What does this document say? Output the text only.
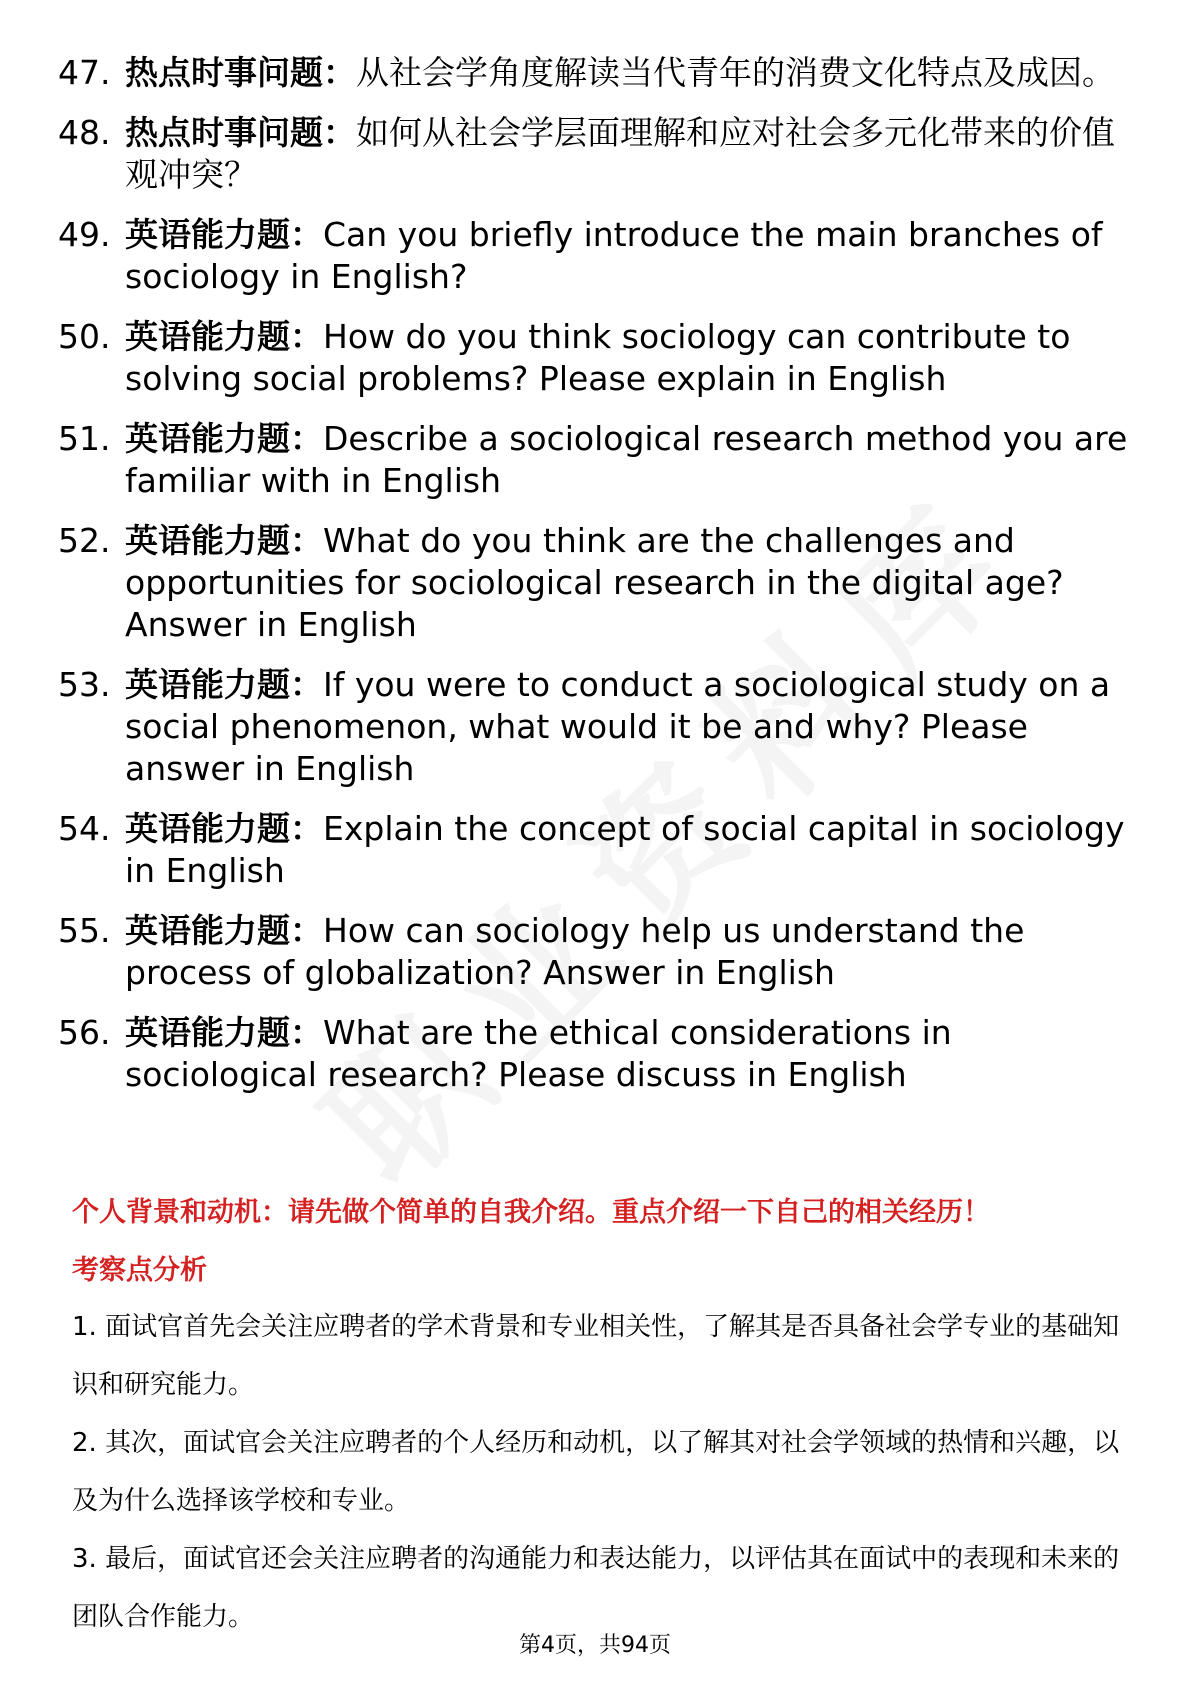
47. 热点时事问题：从社会学角度解读当代青年的消费文化特点及成因。
48. 热点时事问题：如何从社会学层面理解和应对社会多元化带来的价值观冲突？
49. 英语能力题：Can you briefly introduce the main branches of sociology in English?
50. 英语能力题：How do you think sociology can contribute to solving social problems? Please explain in English
51. 英语能力题：Describe a sociological research method you are familiar with in English
52. 英语能力题：What do you think are the challenges and opportunities for sociological research in the digital age? Answer in English
53. 英语能力题：If you were to conduct a sociological study on a social phenomenon, what would it be and why? Please answer in English
54. 英语能力题：Explain the concept of social capital in sociology in English
55. 英语能力题：How can sociology help us understand the process of globalization? Answer in English
56. 英语能力题：What are the ethical considerations in sociological research? Please discuss in English
个人背景和动机：请先做个简单的自我介绍。重点介绍一下自己的相关经历！
考察点分析

1. 面试官首先会关注应聘者的学术背景和专业相关性，了解其是否具备社会学专业的基础知识和研究能力。

2. 其次，面试官会关注应聘者的个人经历和动机，以了解其对社会学领域的热情和兴趣，以及为什么选择该学校和专业。

3. 最后，面试官还会关注应聘者的沟通能力和表达能力，以评估其在面试中的表现和未来的团队合作能力。

第4页，共94页
